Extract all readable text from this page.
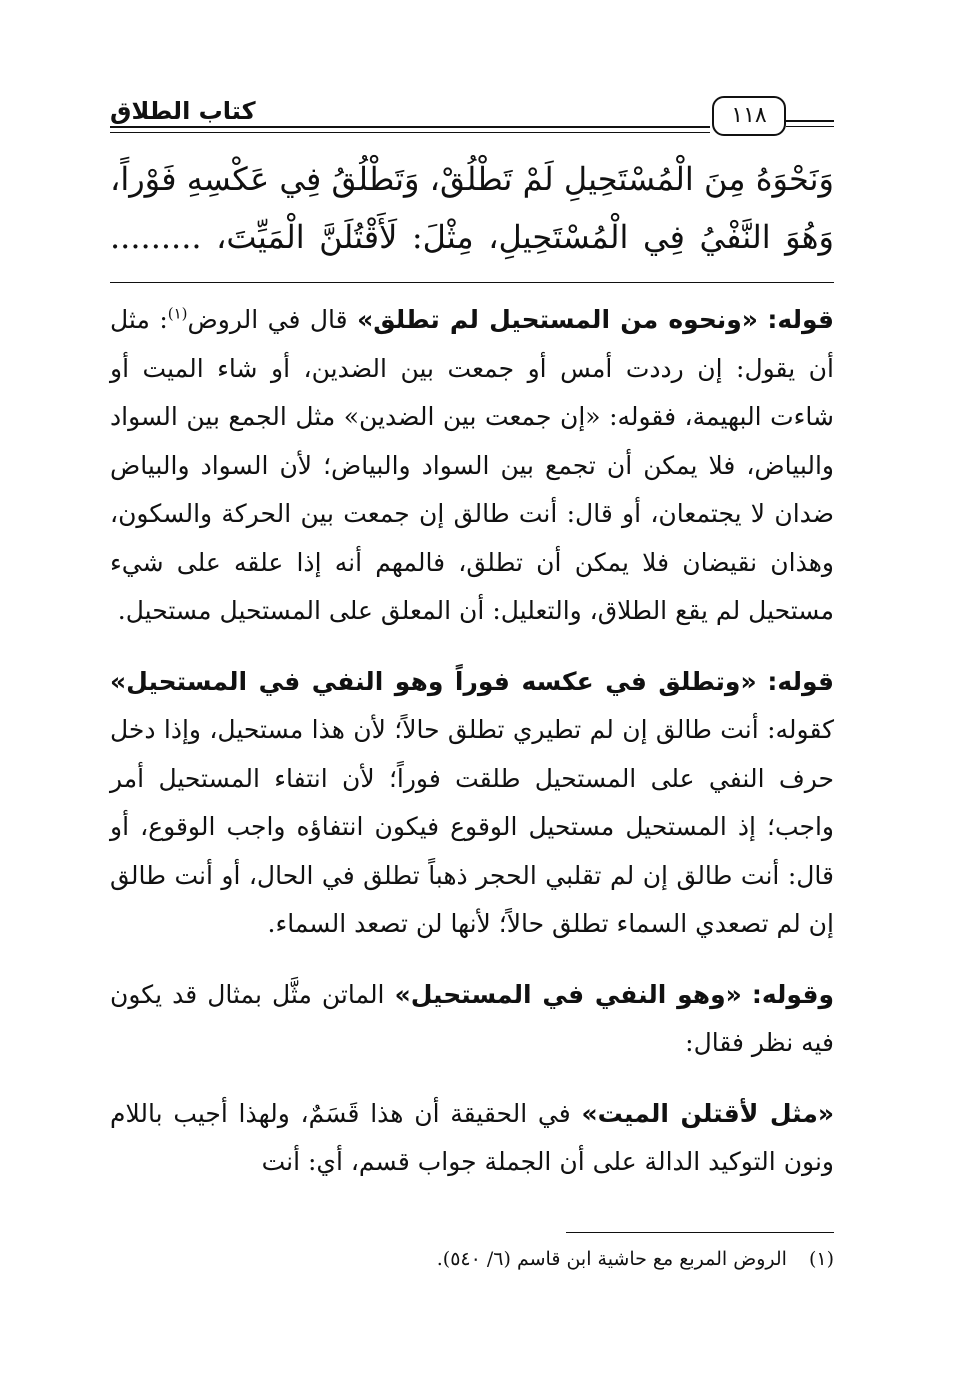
كتاب الطلاق	١١٨
وَنَحْوَهُ مِنَ الْمُسْتَحِيلِ لَمْ تَطْلُقْ، وَتَطْلُقُ فِي عَكْسِهِ فَوْراً،
وَهُوَ النَّفْيُ فِي الْمُسْتَحِيلِ، مِثْلَ: لَأَقْتُلَنَّ الْمَيِّتَ، .........

قوله: «ونحوه من المستحيل لم تطلق» قال في الروض$^{(١)}$: مثل أن يقول: إن رددت أمس أو جمعت بين الضدين، أو شاء الميت أو شاءت البهيمة، فقوله: «إن جمعت بين الضدين» مثل الجمع بين السواد والبياض، فلا يمكن أن تجمع بين السواد والبياض؛ لأن السواد والبياض ضدان لا يجتمعان، أو قال: أنت طالق إن جمعت بين الحركة والسكون، وهذان نقيضان فلا يمكن أن تطلق، فالمهم أنه إذا علقه على شيء مستحيل لم يقع الطلاق، والتعليل: أن المعلق على المستحيل مستحيل.

قوله: «وتطلق في عكسه فوراً وهو النفي في المستحيل» كقوله: أنت طالق إن لم تطيري تطلق حالاً؛ لأن هذا مستحيل، وإذا دخل حرف النفي على المستحيل طلقت فوراً؛ لأن انتفاء المستحيل أمر واجب؛ إذ المستحيل مستحيل الوقوع فيكون انتفاؤه واجب الوقوع، أو قال: أنت طالق إن لم تقلبي الحجر ذهباً تطلق في الحال، أو أنت طالق إن لم تصعدي السماء تطلق حالاً؛ لأنها لن تصعد السماء.

وقوله: «وهو النفي في المستحيل» الماتن مثَّل بمثال قد يكون فيه نظر فقال:

«مثل لأقتلن الميت» في الحقيقة أن هذا قَسَمٌ، ولهذا أجيب باللام ونون التوكيد الدالة على أن الجملة جواب قسم، أي: أنت

(١)الروض المربع مع حاشية ابن قاسم (٦/ ٥٤٠).
